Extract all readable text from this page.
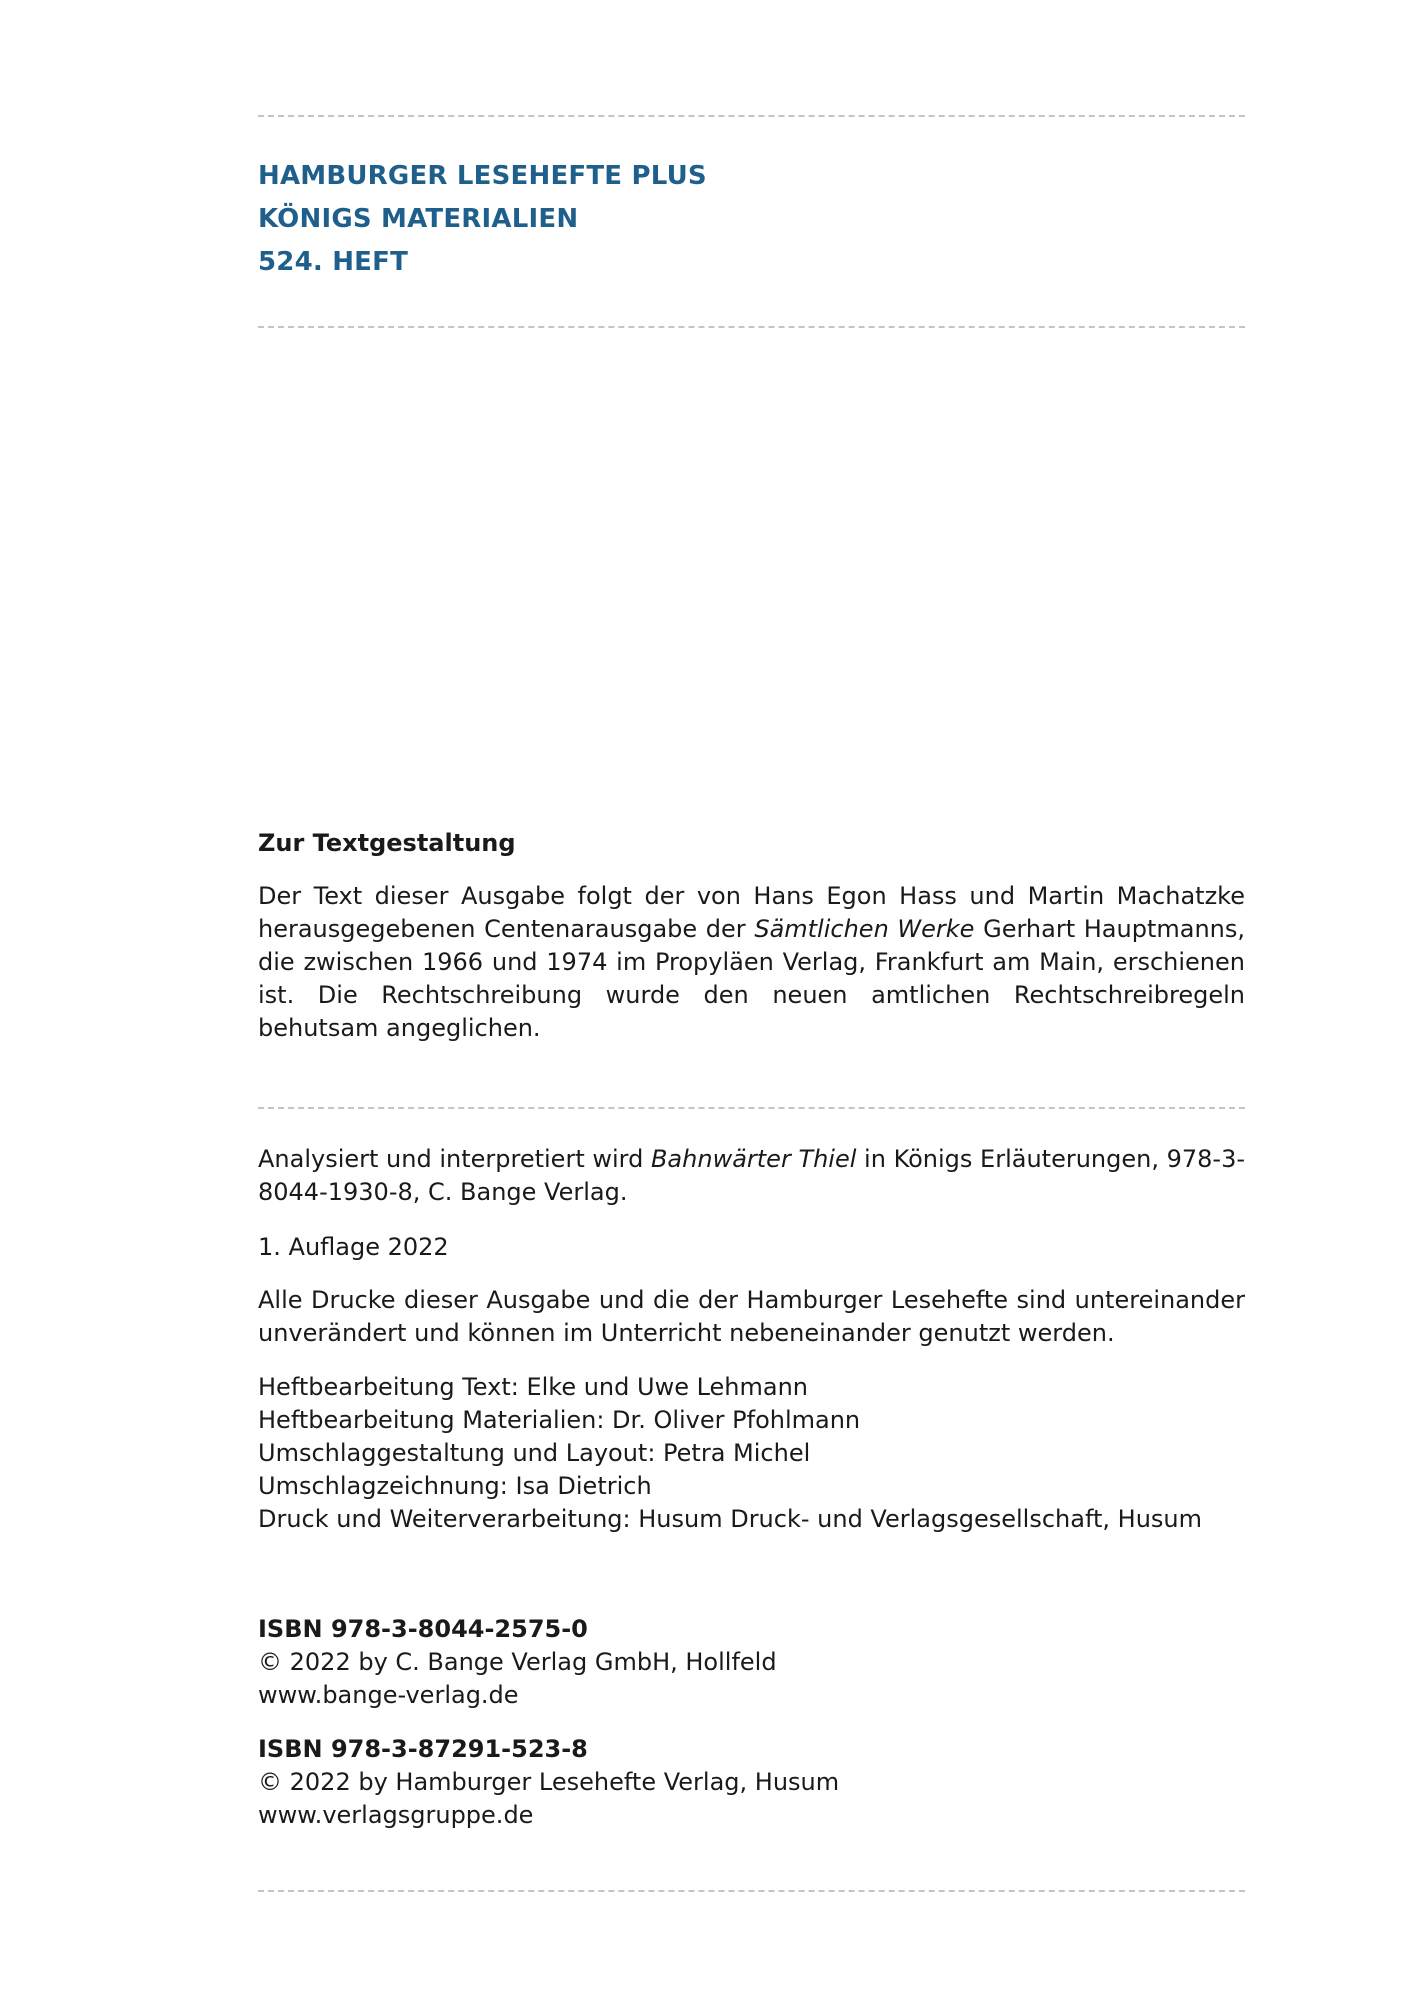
HAMBURGER LESEHEFTE PLUS
KÖNIGS MATERIALIEN
524. HEFT
Zur Textgestaltung

Der Text dieser Ausgabe folgt der von Hans Egon Hass und Martin Machatzke herausgegebenen Centenarausgabe der Sämtlichen Werke Gerhart Hauptmanns, die zwischen 1966 und 1974 im Propyläen Verlag, Frankfurt am Main, erschienen ist. Die Rechtschreibung wurde den neuen amtlichen Rechtschreibregeln behutsam angeglichen.

Analysiert und interpretiert wird Bahnwärter Thiel in Königs Erläuterungen, 978-3-8044-1930-8, C. Bange Verlag.

1. Auflage 2022

Alle Drucke dieser Ausgabe und die der Hamburger Lesehefte sind untereinander unverändert und können im Unterricht nebeneinander genutzt werden.

Heftbearbeitung Text: Elke und Uwe Lehmann
Heftbearbeitung Materialien: Dr. Oliver Pfohlmann
Umschlaggestaltung und Layout: Petra Michel
Umschlagzeichnung: Isa Dietrich
Druck und Weiterverarbeitung: Husum Druck- und Verlagsgesellschaft, Husum
ISBN 978-3-8044-2575-0
© 2022 by C. Bange Verlag GmbH, Hollfeld
www.bange-verlag.de
ISBN 978-3-87291-523-8
© 2022 by Hamburger Lesehefte Verlag, Husum
www.verlagsgruppe.de
